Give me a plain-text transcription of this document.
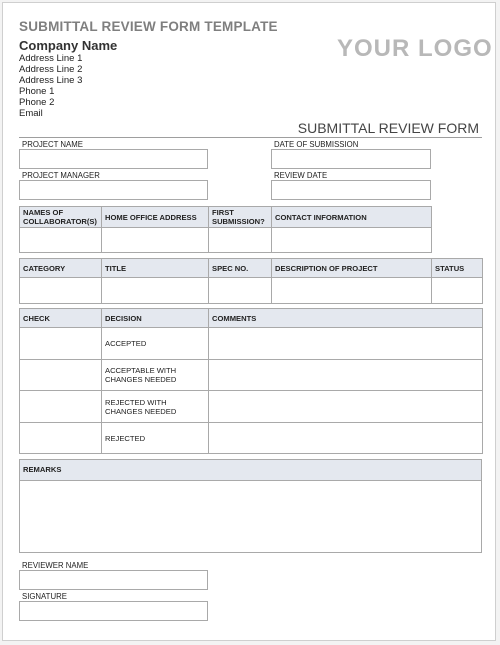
SUBMITTAL REVIEW FORM TEMPLATE
Company Name
Address Line 1
Address Line 2
Address Line 3
Phone 1
Phone 2
Email
YOUR LOGO
SUBMITTAL REVIEW FORM
PROJECT NAME	DATE OF SUBMISSION
PROJECT MANAGER	REVIEW DATE
NAMES OF COLLABORATOR(S)	HOME OFFICE ADDRESS	FIRST SUBMISSION?	CONTACT INFORMATION

CATEGORY	TITLE	SPEC NO.	DESCRIPTION OF PROJECT	STATUS

CHECK	DECISION	COMMENTS
	ACCEPTED	
	ACCEPTABLE WITH CHANGES NEEDED	
	REJECTED WITH CHANGES NEEDED	
	REJECTED	
REMARKS
REVIEWER NAME
SIGNATURE
